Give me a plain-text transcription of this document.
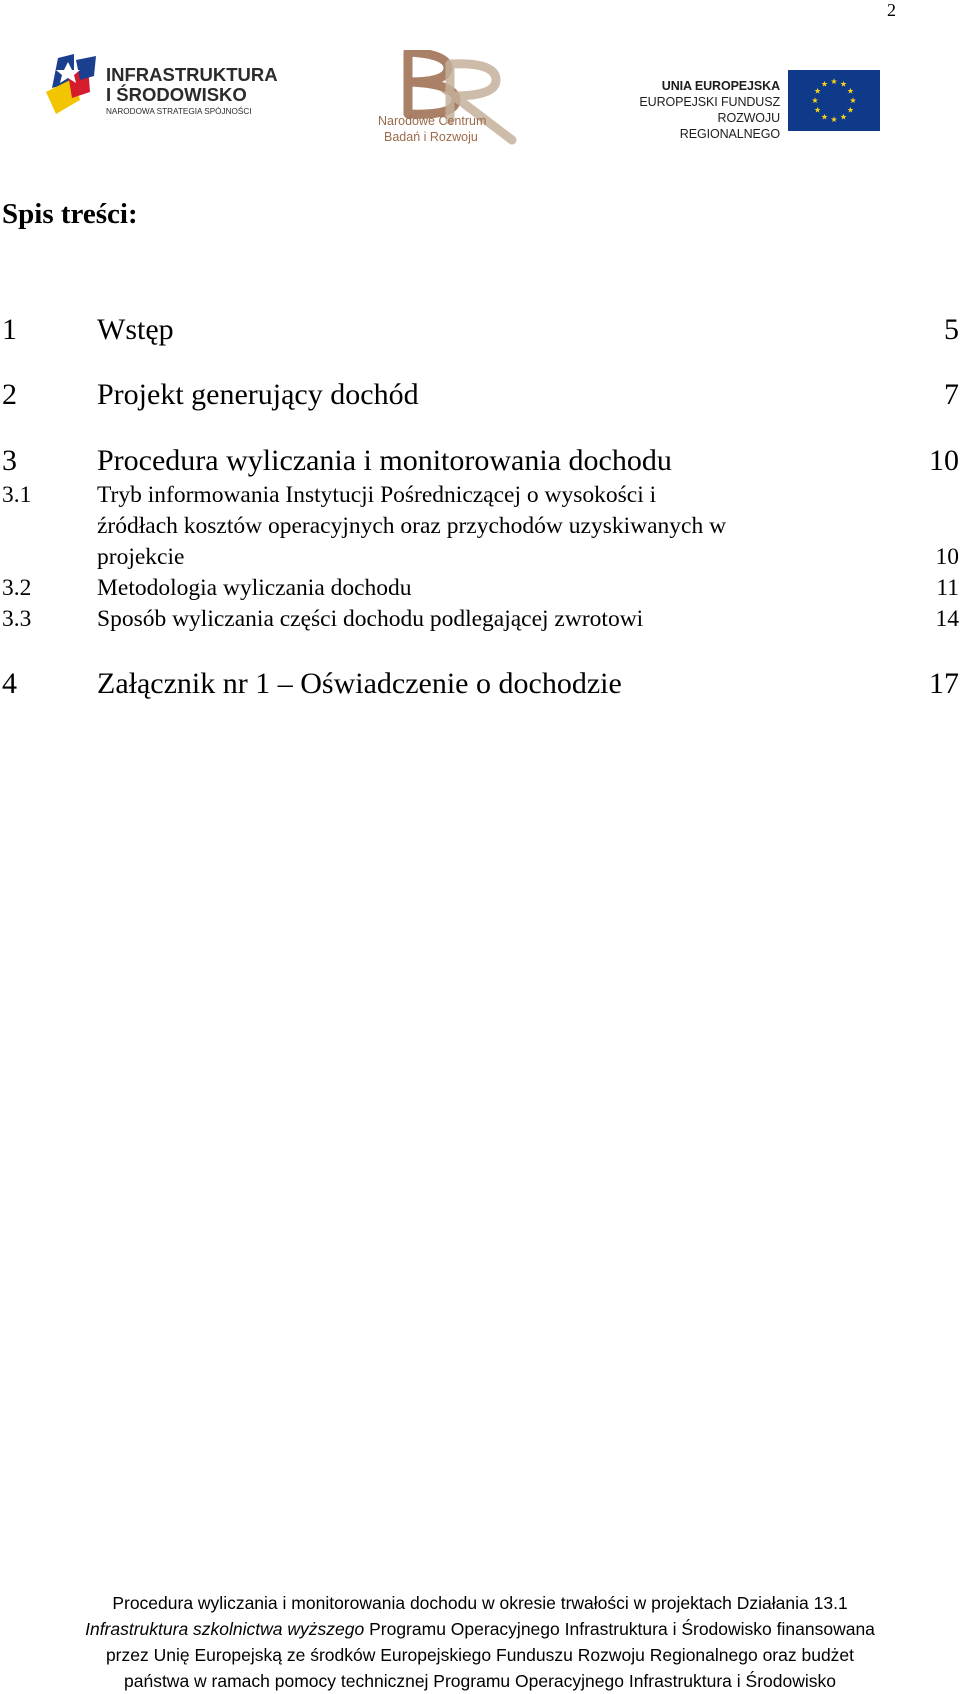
2
INFRASTRUKTURA
I ŚRODOWISKO
NARODOWA STRATEGIA SPÓJNOŚCI
Narodowe Centrum
Badań i Rozwoju
UNIA EUROPEJSKA
EUROPEJSKI FUNDUSZ
ROZWOJU REGIONALNEGO
Spis treści:
1	Wstęp	5
2	Projekt generujący dochód	7
3	Procedura wyliczania i monitorowania dochodu	10
3.1	Tryb informowania Instytucji Pośredniczącej o wysokości i
źródłach kosztów operacyjnych oraz przychodów uzyskiwanych w
projekcie	10
3.2	Metodologia wyliczania dochodu	11
3.3	Sposób wyliczania części dochodu podlegającej zwrotowi	14
4	Załącznik nr 1 – Oświadczenie o dochodzie	17
Procedura wyliczania i monitorowania dochodu w okresie trwałości w projektach Działania 13.1
Infrastruktura szkolnictwa wyższego Programu Operacyjnego Infrastruktura i Środowisko finansowana
przez Unię Europejską ze środków Europejskiego Funduszu Rozwoju Regionalnego oraz budżet
państwa w ramach pomocy technicznej Programu Operacyjnego Infrastruktura i Środowisko
